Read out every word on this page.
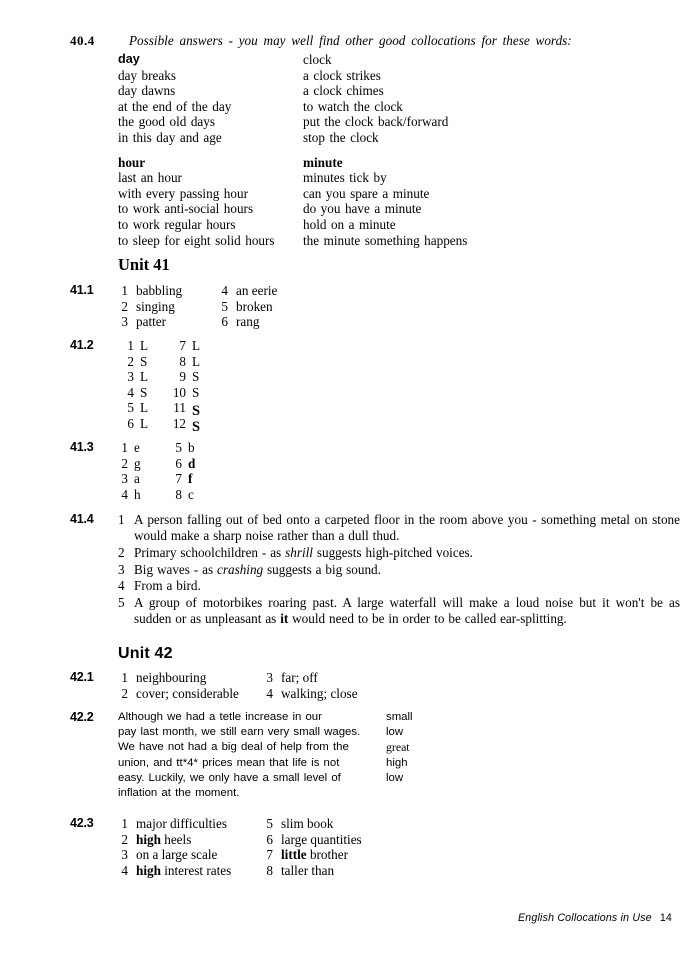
40.4	Possible answers - you may well find other good collocations for these words:
day
day breaks
day dawns
at the end of the day
the good old days
in this day and age
clock
a clock strikes
a clock chimes
to watch the clock
put the clock back/forward
stop the clock
hour
last an hour
with every passing hour
to work anti-social hours
to work regular hours
to sleep for eight solid hours
minute
minutes tick by
can you spare a minute
do you have a minute
hold on a minute
the minute something happens
Unit 41
41.1	1 babbling
2 singing
3 patter
4 an eerie
5 broken
6 rang
41.2	1 L
2 S
3 L
4 S
5 L
6 L
7 L
8 L
9 S
10 S
11 S
12 S
41.3	1 e
2 g
3 a
4 h
5 b
6 d
7 f
8 c
41.4	1 A person falling out of bed onto a carpeted floor in the room above you - something metal on stone would make a sharp noise rather than a dull thud.
2 Primary schoolchildren - as shrill suggests high-pitched voices.
3 Big waves - as crashing suggests a big sound.
4 From a bird.
5 A group of motorbikes roaring past. A large waterfall will make a loud noise but it won't be as sudden or as unpleasant as it would need to be in order to be called ear-splitting.
Unit 42
42.1	1 neighbouring
2 cover; considerable
3 far; off
4 walking; close
42.2	Although we had a tetle increase in our
pay last month, we still earn very small wages.
We have not had a big deal of help from the
union, and tt*4* prices mean that life is not
easy. Luckily, we only have a small level of
inflation at the moment.
small
low
great
high
low
42.3	1 major difficulties
2 high heels
3 on a large scale
4 high interest rates
5 slim book
6 large quantities
7 little brother
8 taller than
English Collocations in Use 14
